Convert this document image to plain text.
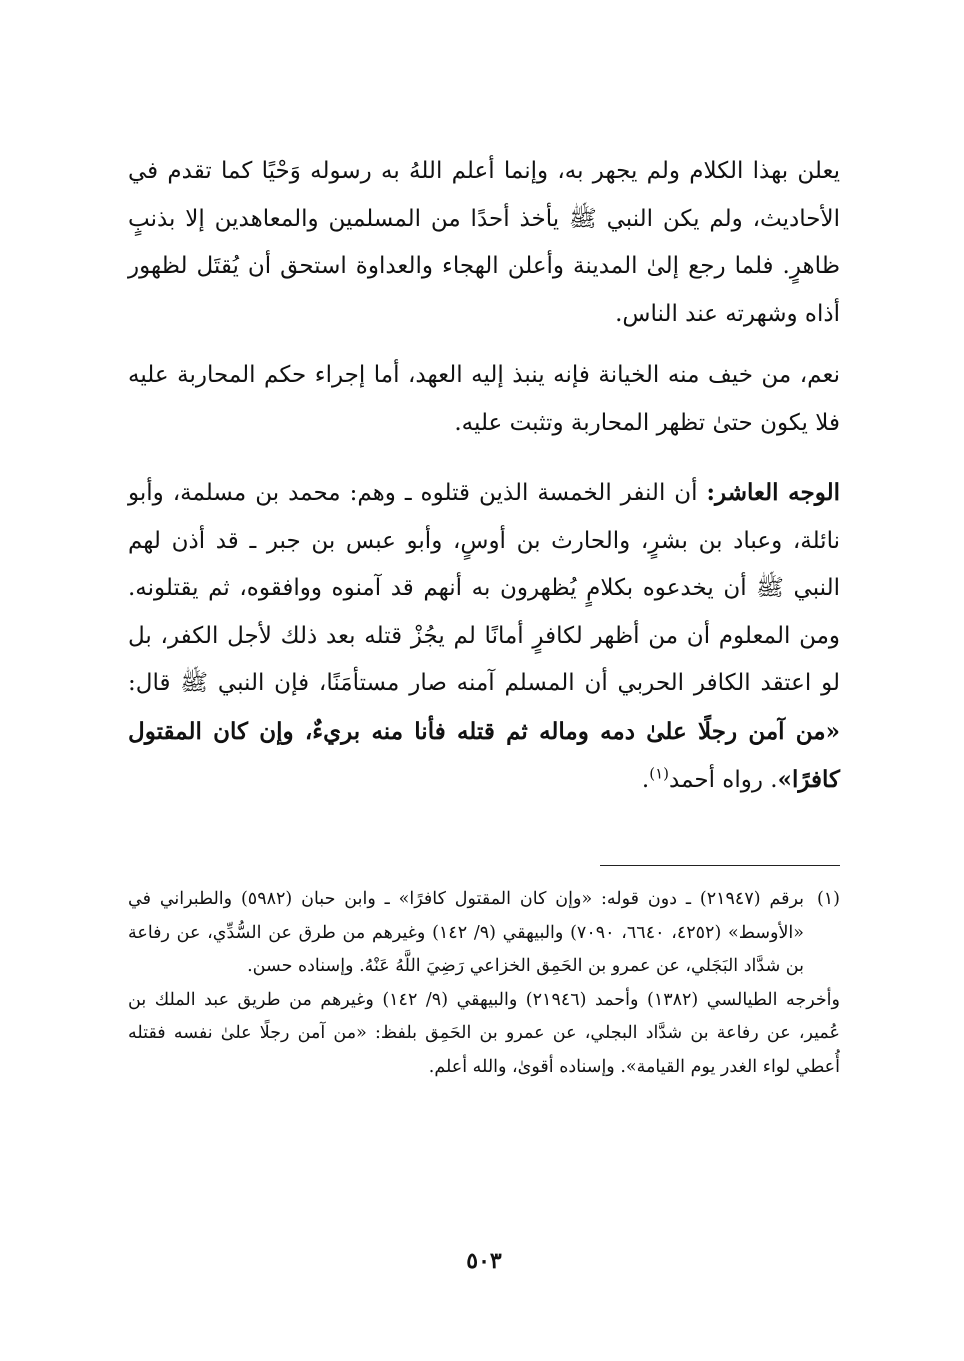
يعلن بهذا الكلام ولم يجهر به، وإنما أعلم اللهُ به رسوله وَحْيًا كما تقدم في الأحاديث، ولم يكن النبي ﷺ يأخذ أحدًا من المسلمين والمعاهدين إلا بذنبٍ ظاهرٍ. فلما رجع إلىٰ المدينة وأعلن الهجاء والعداوة استحق أن يُقتَل لظهور أذاه وشهرته عند الناس.

نعم، من خيف منه الخيانة فإنه ينبذ إليه العهد، أما إجراء حكم المحاربة عليه فلا يكون حتىٰ تظهر المحاربة وتثبت عليه.

الوجه العاشر: أن النفر الخمسة الذين قتلوه ـ وهم: محمد بن مسلمة، وأبو نائلة، وعباد بن بشرٍ، والحارث بن أوسٍ، وأبو عبس بن جبر ـ قد أذن لهم النبي ﷺ أن يخدعوه بكلامٍ يُظهرون به أنهم قد آمنوه ووافقوه، ثم يقتلونه. ومن المعلوم أن من أظهر لكافرٍ أمانًا لم يجُزْ قتله بعد ذلك لأجل الكفر، بل لو اعتقد الكافر الحربي أن المسلم آمنه صار مستأمَنًا، فإن النبي ﷺ قال: «من آمن رجلًا علىٰ دمه وماله ثم قتله فأنا منه بريءٌ، وإن كان المقتول كافرًا». رواه أحمد$^{(١)}$.

(١)

برقم (٢١٩٤٧) ـ دون قوله: «وإن كان المقتول كافرًا» ـ وابن حبان (٥٩٨٢) والطبراني في «الأوسط» (٤٢٥٢، ٦٦٤٠، ٧٠٩٠) والبيهقي (٩/ ١٤٢) وغيرهم من طرق عن السُّدِّي، عن رفاعة بن شدَّاد البَجَلي، عن عمرو بن الحَمِق الخزاعي رَضِيَ اللَّهُ عَنْهُ. وإسناده حسن.

وأخرجه الطيالسي (١٣٨٢) وأحمد (٢١٩٤٦) والبيهقي (٩/ ١٤٢) وغيرهم من طريق عبد الملك بن عُمير، عن رفاعة بن شدَّاد البجلي، عن عمرو بن الحَمِق بلفظ: «من آمن رجلًا علىٰ نفسه فقتله أُعطي لواء الغدر يوم القيامة». وإسناده أقوىٰ، والله أعلم.

٥٠٣
